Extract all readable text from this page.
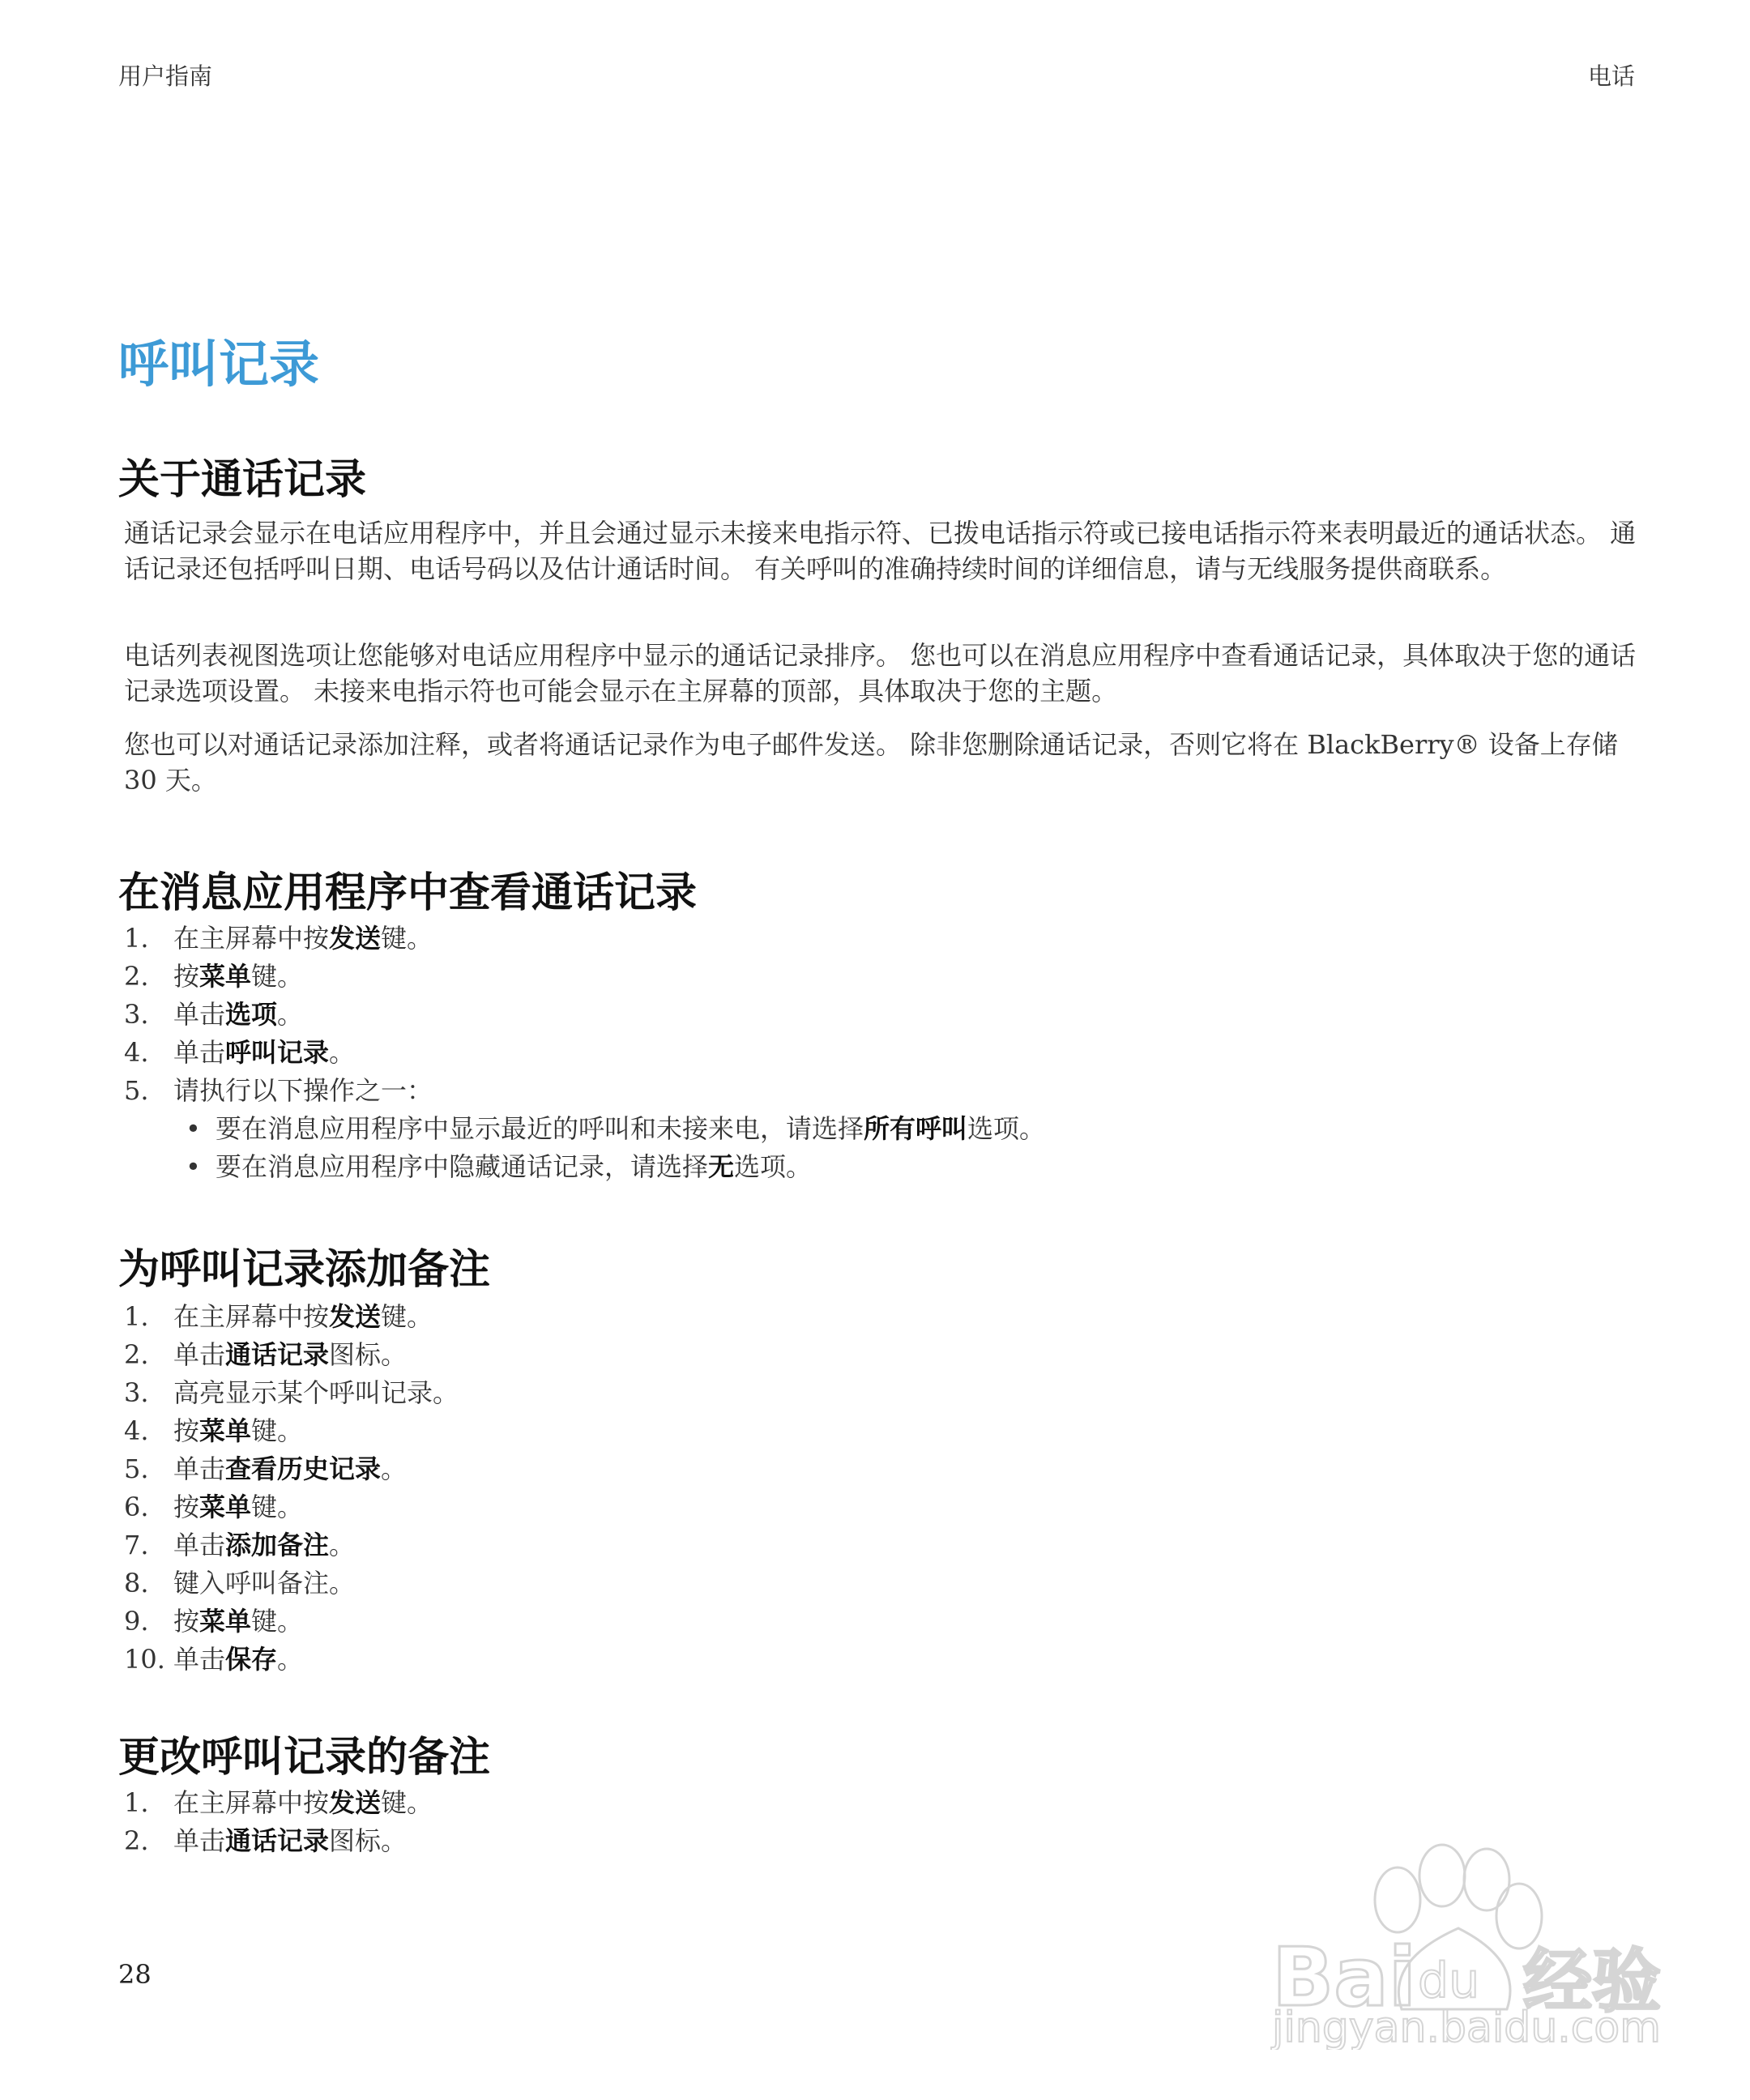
用户指南	电话
呼叫记录
关于通话记录
通话记录会显示在电话应用程序中，并且会通过显示未接来电指示符、已拨电话指示符或已接电话指示符来表明最近的通话状态。 通话记录还包括呼叫日期、电话号码以及估计通话时间。 有关呼叫的准确持续时间的详细信息，请与无线服务提供商联系。
电话列表视图选项让您能够对电话应用程序中显示的通话记录排序。 您也可以在消息应用程序中查看通话记录，具体取决于您的通话记录选项设置。 未接来电指示符也可能会显示在主屏幕的顶部，具体取决于您的主题。
您也可以对通话记录添加注释，或者将通话记录作为电子邮件发送。 除非您删除通话记录，否则它将在 BlackBerry® 设备上存储 30 天。
在消息应用程序中查看通话记录
1. 在主屏幕中按发送键。
2. 按菜单键。
3. 单击选项。
4. 单击呼叫记录。
5. 请执行以下操作之一：
• 要在消息应用程序中显示最近的呼叫和未接来电，请选择所有呼叫选项。
• 要在消息应用程序中隐藏通话记录，请选择无选项。
为呼叫记录添加备注
1. 在主屏幕中按发送键。
2. 单击通话记录图标。
3. 高亮显示某个呼叫记录。
4. 按菜单键。
5. 单击查看历史记录。
6. 按菜单键。
7. 单击添加备注。
8. 键入呼叫备注。
9. 按菜单键。
10. 单击保存。
更改呼叫记录的备注
1. 在主屏幕中按发送键。
2. 单击通话记录图标。
28	Bai du 经验
jingyan.baidu.com
